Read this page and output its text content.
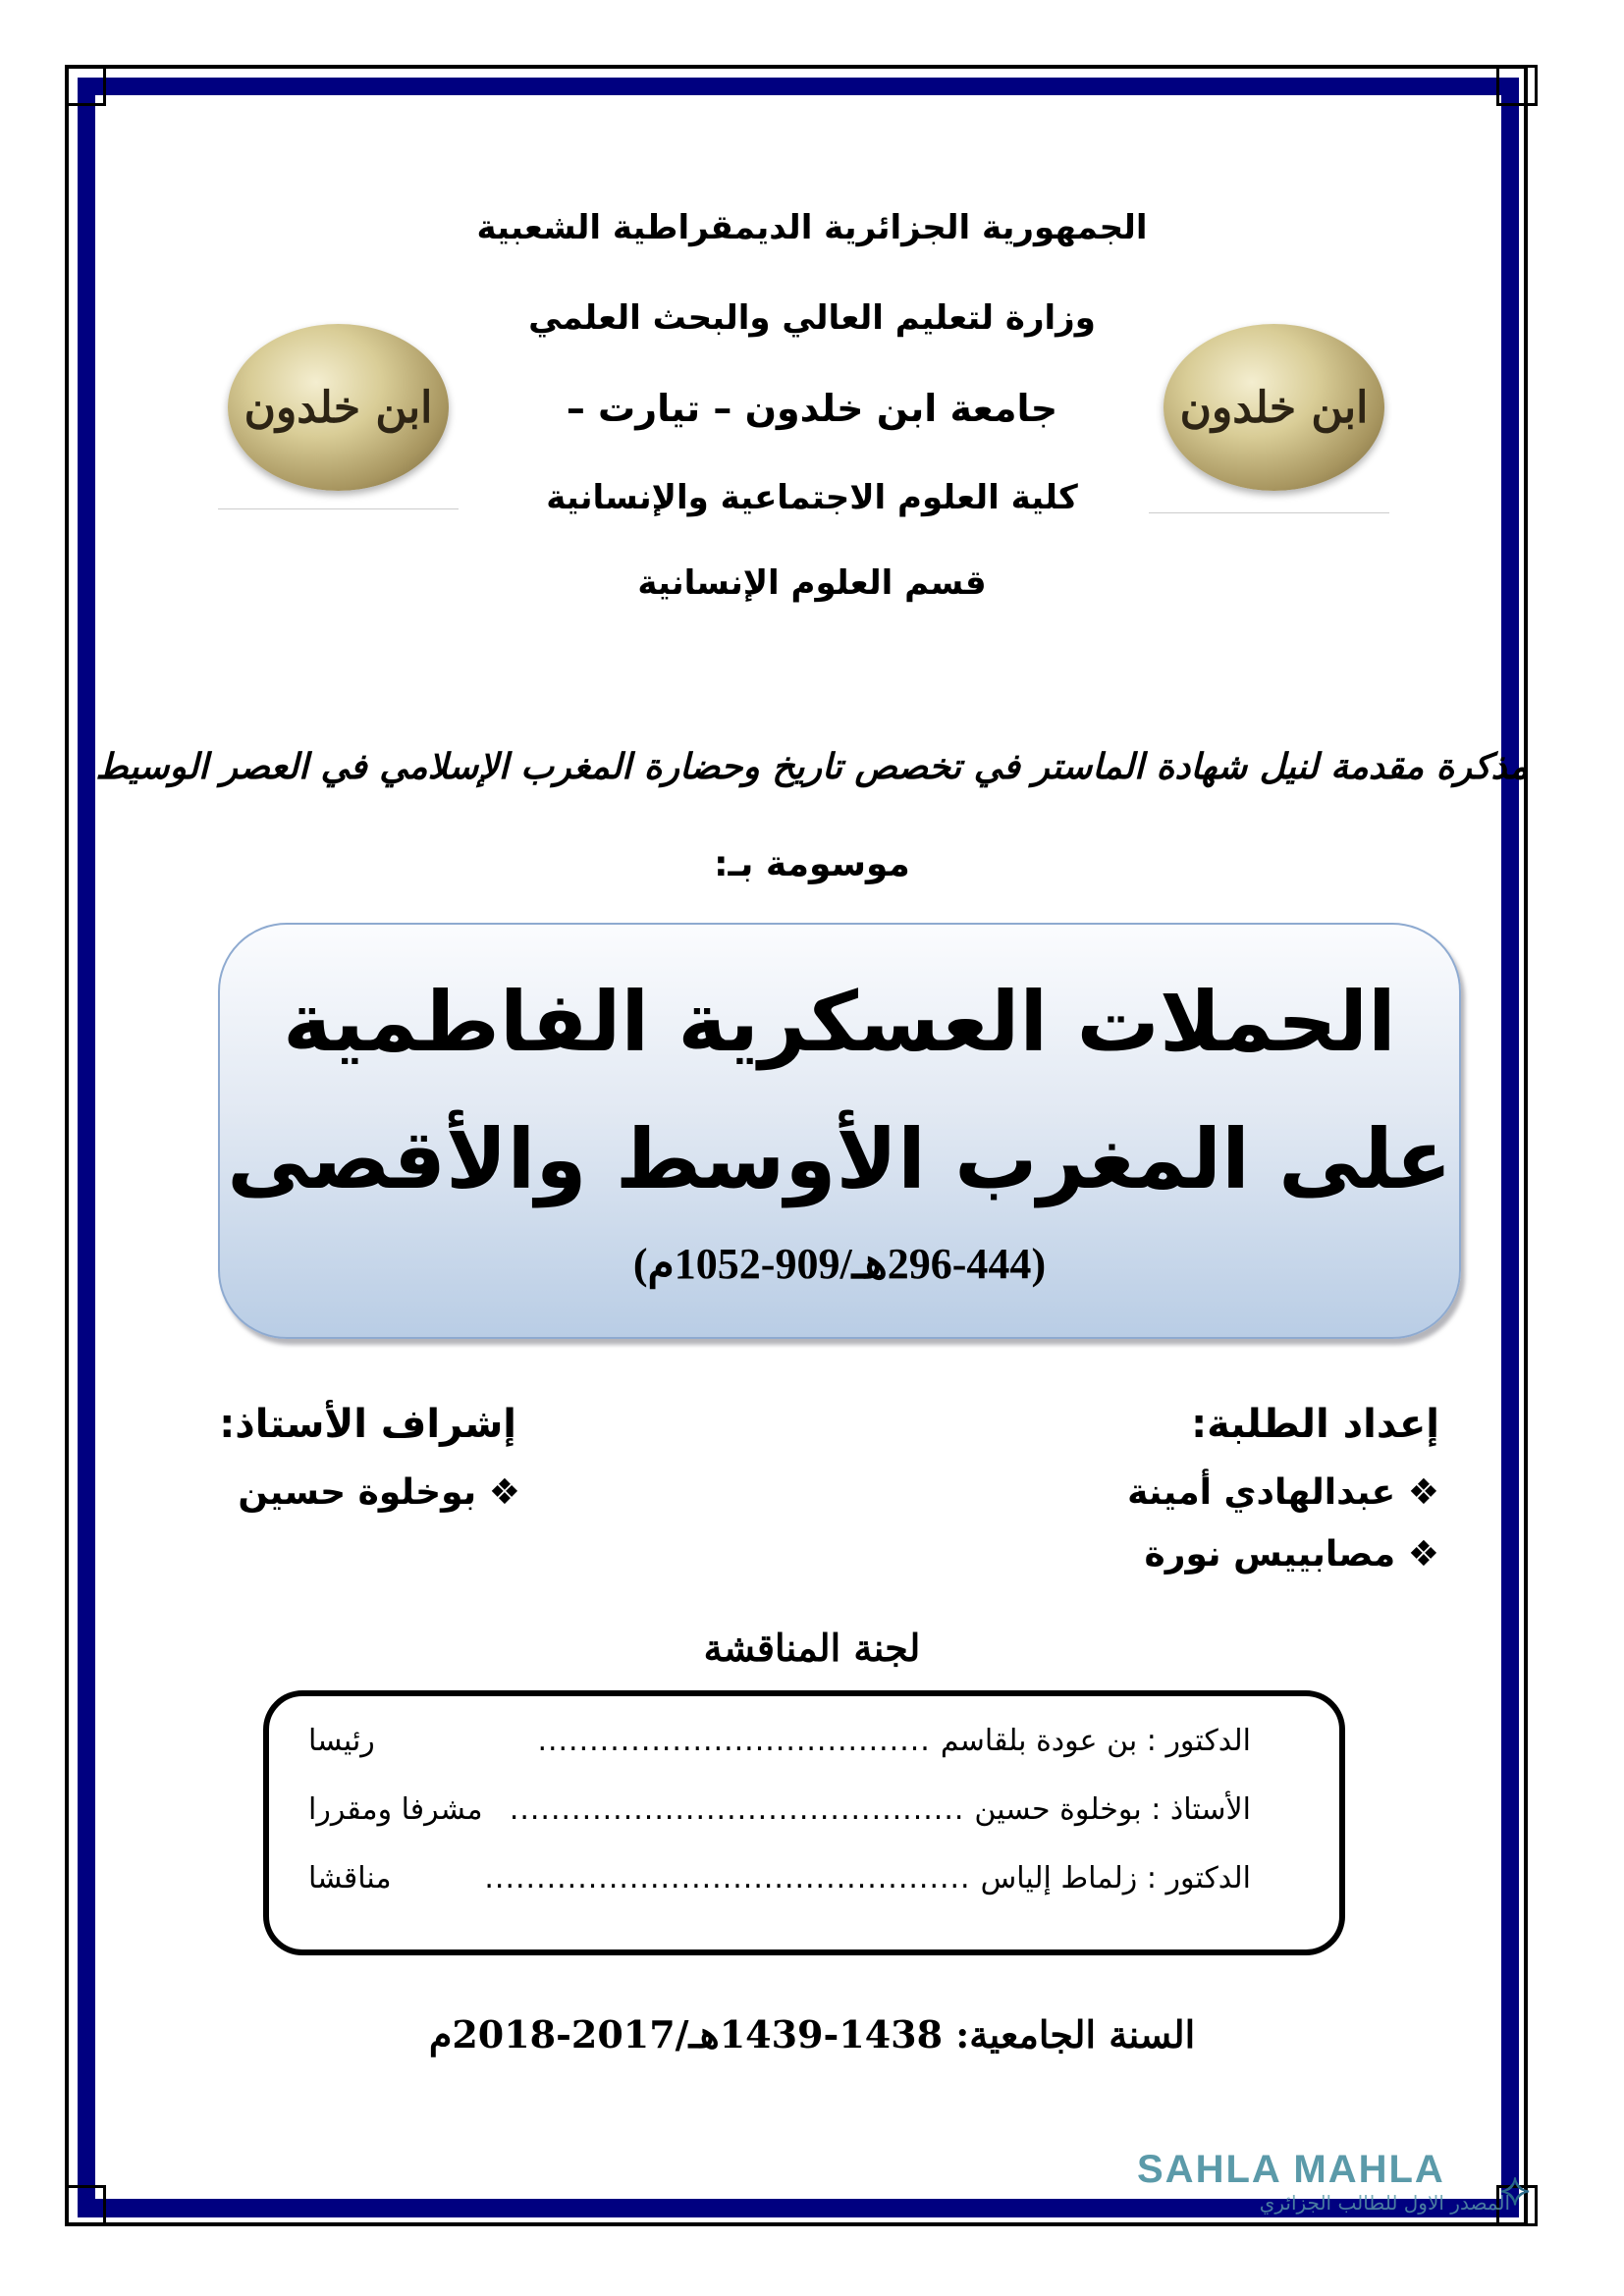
ابن خلدون	ابن خلدون
الجمهورية الجزائرية الديمقراطية الشعبية
وزارة لتعليم العالي والبحث العلمي
جامعة ابن خلدون – تيارت –
كلية العلوم الاجتماعية والإنسانية
قسم العلوم الإنسانية
مذكرة مقدمة لنيل شهادة الماستر في تخصص تاريخ وحضارة المغرب الإسلامي في العصر الوسيط
موسومة بـ:
الحملات العسكرية الفاطمية
على المغرب الأوسط والأقصى
(296-444هـ/909-1052م)
إعداد الطلبة:
❖ عبدالهادي أمينة
❖ مصابييس نورة
إشراف الأستاذ:
❖ بوخلوة حسين
لجنة المناقشة
الدكتور : بن عودة بلقاسم
......................................
رئيسا
الأستاذ : بوخلوة حسين
............................................
مشرفا ومقررا
الدكتور : زلماط إلياس
...............................................
مناقشا
السنة الجامعية: 1438-1439هـ/2017-2018م
SAHLA MAHLA
المصدر الاول للطالب الجزائري
⟡
